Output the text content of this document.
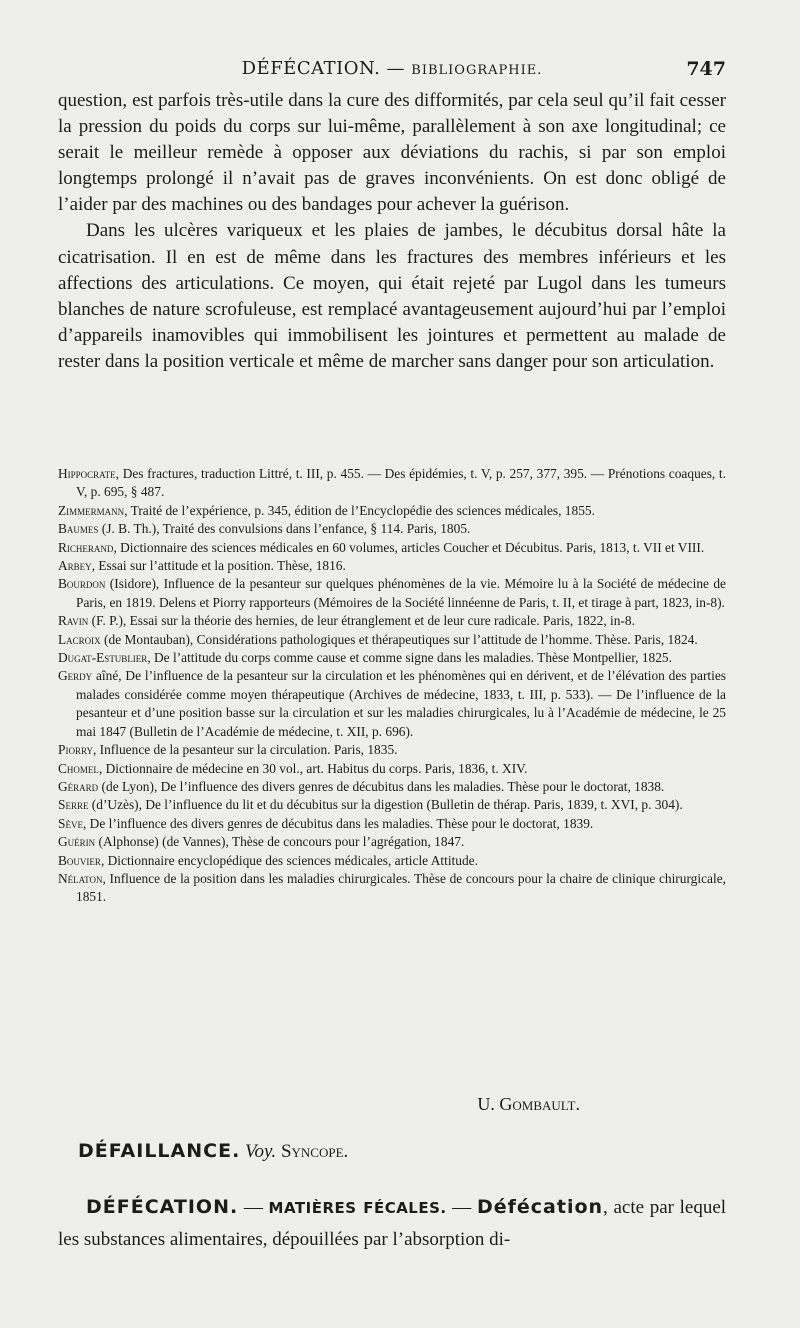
DÉFÉCATION. — BIBLIOGRAPHIE.	747

question, est parfois très-utile dans la cure des difformités, par cela seul qu’il fait cesser la pression du poids du corps sur lui-même, parallèlement à son axe longitudinal; ce serait le meilleur remède à opposer aux déviations du rachis, si par son emploi longtemps prolongé il n’avait pas de graves inconvénients. On est donc obligé de l’aider par des machines ou des bandages pour achever la guérison.

Dans les ulcères variqueux et les plaies de jambes, le décubitus dorsal hâte la cicatrisation. Il en est de même dans les fractures des membres inférieurs et les affections des articulations. Ce moyen, qui était rejeté par Lugol dans les tumeurs blanches de nature scrofuleuse, est remplacé avantageusement aujourd’hui par l’emploi d’appareils inamovibles qui immobilisent les jointures et permettent au malade de rester dans la position verticale et même de marcher sans danger pour son articulation.

Hippocrate, Des fractures, traduction Littré, t. III, p. 455. — Des épidémies, t. V, p. 257, 377, 395. — Prénotions coaques, t. V, p. 695, § 487.

Zimmermann, Traité de l’expérience, p. 345, édition de l’Encyclopédie des sciences médicales, 1855.

Baumes (J. B. Th.), Traité des convulsions dans l’enfance, § 114. Paris, 1805.

Richerand, Dictionnaire des sciences médicales en 60 volumes, articles Coucher et Décubitus. Paris, 1813, t. VII et VIII.

Arbey, Essai sur l’attitude et la position. Thèse, 1816.

Bourdon (Isidore), Influence de la pesanteur sur quelques phénomènes de la vie. Mémoire lu à la Société de médecine de Paris, en 1819. Delens et Piorry rapporteurs (Mémoires de la Société linnéenne de Paris, t. II, et tirage à part, 1823, in-8).

Ravin (F. P.), Essai sur la théorie des hernies, de leur étranglement et de leur cure radicale. Paris, 1822, in-8.

Lacroix (de Montauban), Considérations pathologiques et thérapeutiques sur l’attitude de l’homme. Thèse. Paris, 1824.

Dugat-Estublier, De l’attitude du corps comme cause et comme signe dans les maladies. Thèse Montpellier, 1825.

Gerdy aîné, De l’influence de la pesanteur sur la circulation et les phénomènes qui en dérivent, et de l’élévation des parties malades considérée comme moyen thérapeutique (Archives de médecine, 1833, t. III, p. 533). — De l’influence de la pesanteur et d’une position basse sur la circulation et sur les maladies chirurgicales, lu à l’Académie de médecine, le 25 mai 1847 (Bulletin de l’Académie de médecine, t. XII, p. 696).

Piorry, Influence de la pesanteur sur la circulation. Paris, 1835.

Chomel, Dictionnaire de médecine en 30 vol., art. Habitus du corps. Paris, 1836, t. XIV.

Gérard (de Lyon), De l’influence des divers genres de décubitus dans les maladies. Thèse pour le doctorat, 1838.

Serre (d’Uzès), De l’influence du lit et du décubitus sur la digestion (Bulletin de thérap. Paris, 1839, t. XVI, p. 304).

Sève, De l’influence des divers genres de décubitus dans les maladies. Thèse pour le doctorat, 1839.

Guérin (Alphonse) (de Vannes), Thèse de concours pour l’agrégation, 1847.

Bouvier, Dictionnaire encyclopédique des sciences médicales, article Attitude.

Nélaton, Influence de la position dans les maladies chirurgicales. Thèse de concours pour la chaire de clinique chirurgicale, 1851.

U. Gombault.
DÉFAILLANCE. Voy. Syncope.

DÉFÉCATION. — MATIÈRES FÉCALES. — Défécation, acte par lequel les substances alimentaires, dépouillées par l’absorption di-
